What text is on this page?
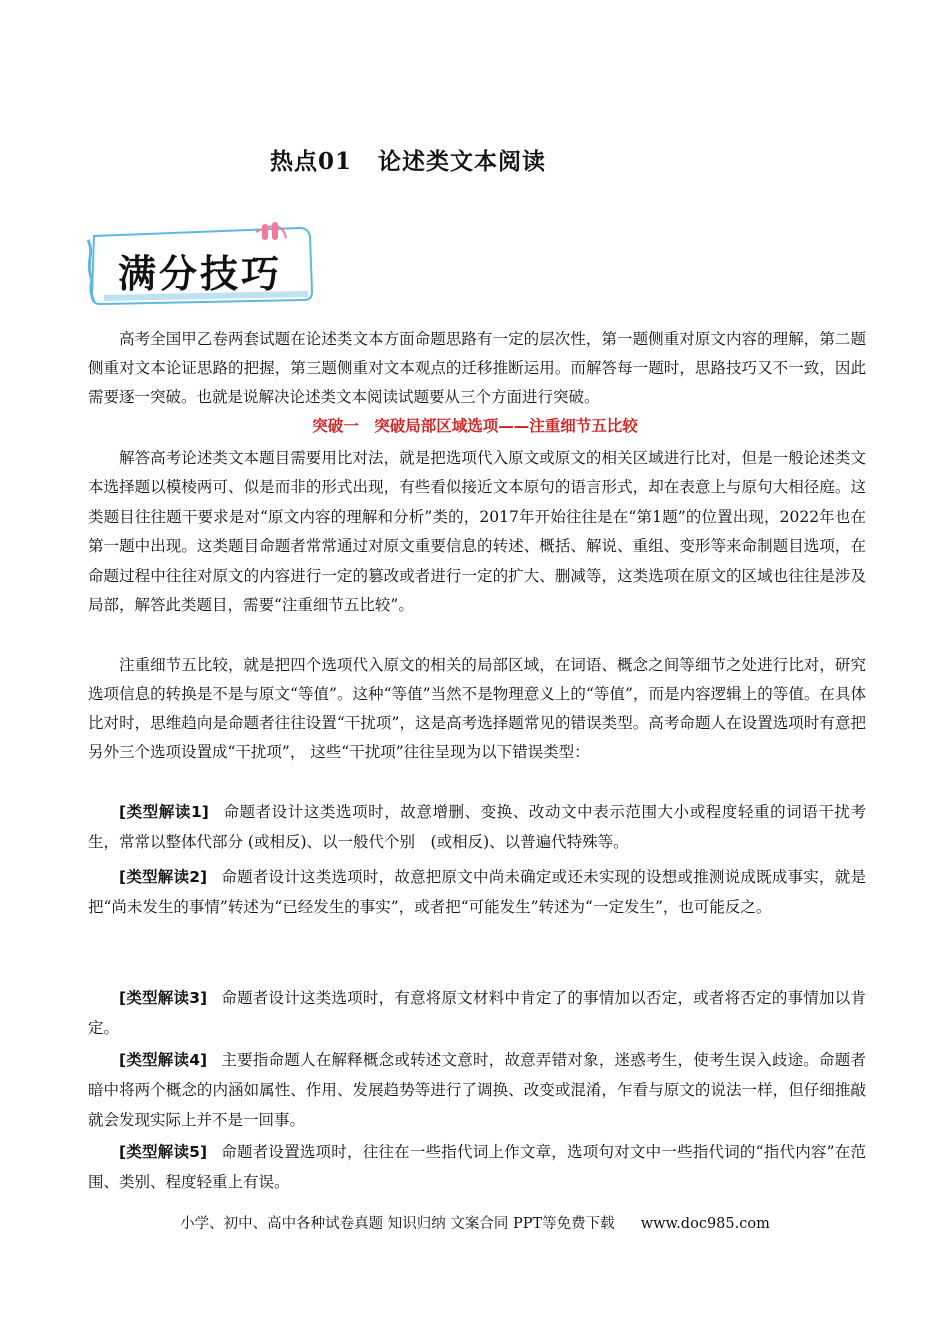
热点01 论述类文本阅读
满分技巧

高考全国甲乙卷两套试题在论述类文本方面命题思路有一定的层次性，第一题侧重对原文内容的理解，第二题侧重对文本论证思路的把握，第三题侧重对文本观点的迁移推断运用。而解答每一题时，思路技巧又不一致，因此需要逐一突破。也就是说解决论述类文本阅读试题要从三个方面进行突破。

突破一　突破局部区域选项——注重细节五比较

解答高考论述类文本题目需要用比对法，就是把选项代入原文或原文的相关区域进行比对，但是一般论述类文本选择题以模棱两可、似是而非的形式出现，有些看似接近文本原句的语言形式，却在表意上与原句大相径庭。这类题目往往题干要求是对“原文内容的理解和分析”类的，2017年开始往往是在“第1题”的位置出现，2022年也在第一题中出现。这类题目命题者常常通过对原文重要信息的转述、概括、解说、重组、变形等来命制题目选项，在命题过程中往往对原文的内容进行一定的篡改或者进行一定的扩大、删减等，这类选项在原文的区域也往往是涉及局部，解答此类题目，需要“注重细节五比较”。

注重细节五比较，就是把四个选项代入原文的相关的局部区域，在词语、概念之间等细节之处进行比对，研究选项信息的转换是不是与原文“等值”。这种“等值”当然不是物理意义上的“等值”，而是内容逻辑上的等值。在具体比对时，思维趋向是命题者往往设置“干扰项”，这是高考选择题常见的错误类型。高考命题人在设置选项时有意把另外三个选项设置成“干扰项”， 这些“干扰项”往往呈现为以下错误类型：

[类型解读1] 命题者设计这类选项时，故意增删、变换、改动文中表示范围大小或程度轻重的词语干扰考生，常常以整体代部分 (或相反)、以一般代个别　(或相反)、以普遍代特殊等。

[类型解读2] 命题者设计这类选项时，故意把原文中尚未确定或还未实现的设想或推测说成既成事实，就是把“尚未发生的事情”转述为“已经发生的事实”，或者把“可能发生”转述为“一定发生”，也可能反之。

[类型解读3] 命题者设计这类选项时，有意将原文材料中肯定了的事情加以否定，或者将否定的事情加以肯定。

[类型解读4] 主要指命题人在解释概念或转述文意时，故意弄错对象，迷惑考生，使考生误入歧途。命题者暗中将两个概念的内涵如属性、作用、发展趋势等进行了调换、改变或混淆，乍看与原文的说法一样，但仔细推敲就会发现实际上并不是一回事。

[类型解读5] 命题者设置选项时，往往在一些指代词上作文章，选项句对文中一些指代词的“指代内容”在范围、类别、程度轻重上有误。

小学、初中、高中各种试卷真题 知识归纳 文案合同 PPT等免费下载 www.doc985.com
